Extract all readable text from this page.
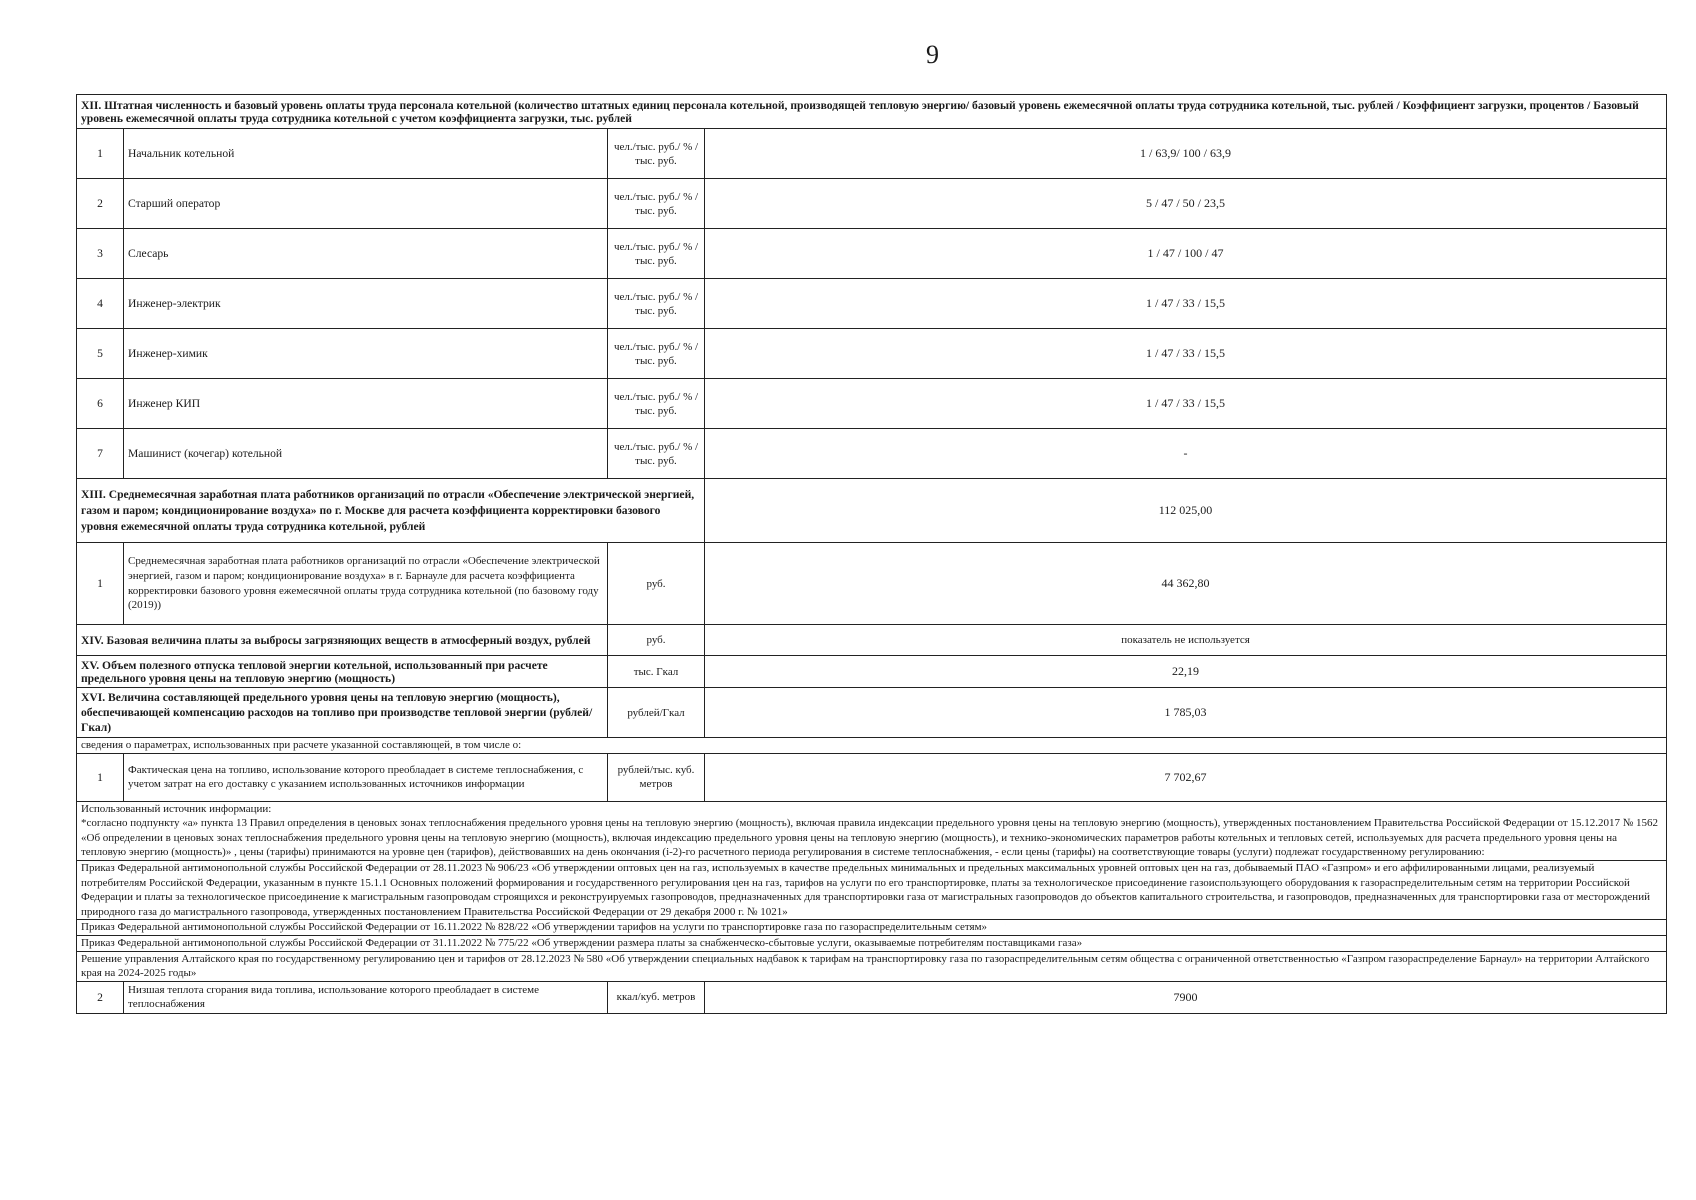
9
XII. Штатная численность и базовый уровень оплаты труда персонала котельной (количество штатных единиц персонала котельной, производящей тепловую энергию/ базовый уровень ежемесячной оплаты труда сотрудника котельной, тыс. рублей / Коэффициент загрузки, процентов / Базовый уровень ежемесячной оплаты труда сотрудника котельной с учетом коэффициента загрузки, тыс. рублей			
1	Начальник котельной	чел./тыс. руб./ % /тыс. руб.	1 / 63,9/ 100 / 63,9
2	Старший оператор	чел./тыс. руб./ % /тыс. руб.	5 / 47 / 50 / 23,5
3	Слесарь	чел./тыс. руб./ % /тыс. руб.	1 / 47 / 100 / 47
4	Инженер-электрик	чел./тыс. руб./ % /тыс. руб.	1 / 47 / 33 / 15,5
5	Инженер-химик	чел./тыс. руб./ % /тыс. руб.	1 / 47 / 33 / 15,5
6	Инженер КИП	чел./тыс. руб./ % /тыс. руб.	1 / 47 / 33 / 15,5
7	Машинист (кочегар) котельной	чел./тыс. руб./ % /тыс. руб.	-
XIII. Среднемесячная заработная плата работников организаций по отрасли «Обеспечение электрической энергией, газом и паром; кондиционирование воздуха» по г. Москве для расчета коэффициента корректировки базового уровня ежемесячной оплаты труда сотрудника котельной, рублей			112 025,00
1	Среднемесячная заработная плата работников организаций по отрасли «Обеспечение электрической энергией, газом и паром; кондиционирование воздуха» в г. Барнауле для расчета коэффициента корректировки базового уровня ежемесячной оплаты труда сотрудника котельной (по базовому году (2019))	руб.	44 362,80
XIV. Базовая величина платы за выбросы загрязняющих веществ в атмосферный воздух, рублей		руб.	показатель не используется
XV. Объем полезного отпуска тепловой энергии котельной, использованный при расчете предельного уровня цены на тепловую энергию (мощность)		тыс. Гкал	22,19
XVI. Величина составляющей предельного уровня цены на тепловую энергию (мощность), обеспечивающей компенсацию расходов на топливо при производстве тепловой энергии (рублей/Гкал)		рублей/Гкал	1 785,03
сведения о параметрах, использованных при расчете указанной составляющей, в том числе о:			
1	Фактическая цена на топливо, использование которого преобладает в системе теплоснабжения, с учетом затрат на его доставку с указанием использованных источников информации	рублей/тыс. куб. метров	7 702,67

Использованный источник информации:
*согласно подпункту «а» пункта 13 Правил определения в ценовых зонах теплоснабжения предельного уровня цены на тепловую энергию (мощность), включая правила индексации предельного уровня цены на тепловую энергию (мощность), утвержденных постановлением Правительства Российской Федерации от 15.12.2017 № 1562 «Об определении в ценовых зонах теплоснабжения предельного уровня цены на тепловую энергию (мощность), включая индексацию предельного уровня цены на тепловую энергию (мощность), и технико-экономических параметров работы котельных и тепловых сетей, используемых для расчета предельного уровня цены на тепловую энергию (мощность)» , цены (тарифы) принимаются на уровне цен (тарифов), действовавших на день окончания (i-2)-го расчетного периода регулирования в системе теплоснабжения, - если цены (тарифы) на соответствующие товары (услуги) подлежат государственному регулированию:			

Приказ Федеральной антимонопольной службы Российской Федерации от 28.11.2023 № 906/23 «Об утверждении оптовых цен на газ, используемых в качестве предельных минимальных и предельных максимальных уровней оптовых цен на газ, добываемый ПАО «Газпром» и его аффилированными лицами, реализуемый потребителям Российской Федерации, указанным в пункте 15.1.1 Основных положений формирования и государственного регулирования цен на газ, тарифов на услуги по его транспортировке, платы за технологическое присоединение газоиспользующего оборудования к газораспределительным сетям на территории Российской Федерации и платы за технологическое присоединение к магистральным газопроводам строящихся и реконструируемых газопроводов, предназначенных для транспортировки газа от магистральных газопроводов до объектов капитального строительства, и газопроводов, предназначенных для транспортировки газа от месторождений природного газа до магистрального газопровода, утвержденных постановлением Правительства Российской Федерации от 29 декабря 2000 г. № 1021»			
Приказ Федеральной антимонопольной службы Российской Федерации от 16.11.2022 № 828/22 «Об утверждении тарифов на услуги по транспортировке газа по газораспределительным сетям»			
Приказ Федеральной антимонопольной службы Российской Федерации от 31.11.2022 № 775/22 «Об утверждении размера платы за снабженческо-сбытовые услуги, оказываемые потребителям поставщиками газа»			
Решение управления Алтайского края по государственному регулированию цен и тарифов от 28.12.2023 № 580 «Об утверждении специальных надбавок к тарифам на транспортировку газа по газораспределительным сетям общества с ограниченной ответственностью «Газпром газораспределение Барнаул» на территории Алтайского края на 2024-2025 годы»			
2	Низшая теплота сгорания вида топлива, использование которого преобладает в системе теплоснабжения	ккал/куб. метров	7900
